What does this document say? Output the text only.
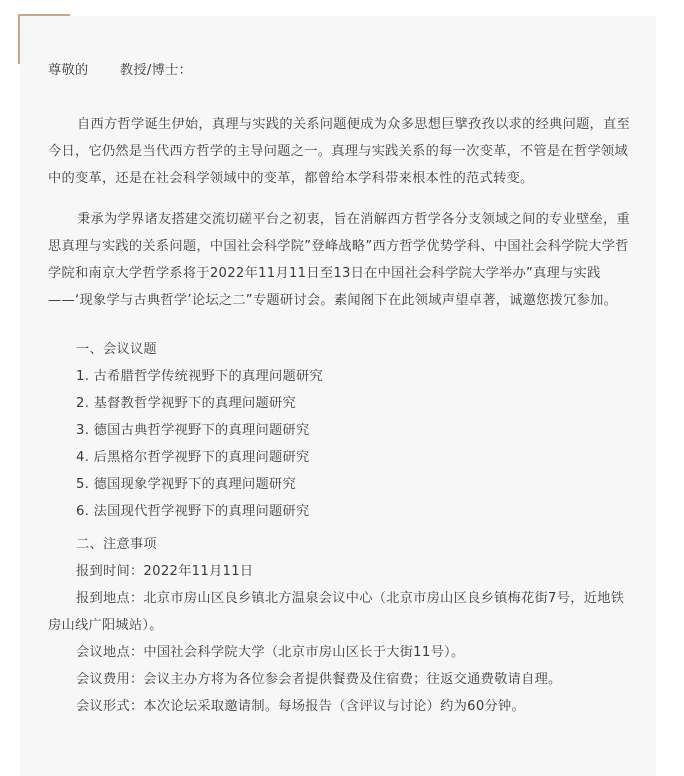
尊敬的　　 教授/博士：
自西方哲学诞生伊始，真理与实践的关系问题便成为众多思想巨擘孜孜以求的经典问题，直至今日，它仍然是当代西方哲学的主导问题之一。真理与实践关系的每一次变革，不管是在哲学领域中的变革，还是在社会科学领域中的变革，都曾给本学科带来根本性的范式转变。
秉承为学界诸友搭建交流切磋平台之初衷，旨在消解西方哲学各分支领域之间的专业壁垒，重思真理与实践的关系问题，中国社会科学院”登峰战略”西方哲学优势学科、中国社会科学院大学哲学院和南京大学哲学系将于2022年11月11日至13日在中国社会科学院大学举办”真理与实践——‘现象学与古典哲学’论坛之二”专题研讨会。素闻阁下在此领域声望卓著，诚邀您拨冗参加。
一、会议议题
1. 古希腊哲学传统视野下的真理问题研究
2. 基督教哲学视野下的真理问题研究
3. 德国古典哲学视野下的真理问题研究
4. 后黑格尔哲学视野下的真理问题研究
5. 德国现象学视野下的真理问题研究
6. 法国现代哲学视野下的真理问题研究
二、注意事项
报到时间：2022年11月11日
报到地点：北京市房山区良乡镇北方温泉会议中心（北京市房山区良乡镇梅花街7号，近地铁房山线广阳城站）。
会议地点：中国社会科学院大学（北京市房山区长于大街11号）。
会议费用：会议主办方将为各位参会者提供餐费及住宿费；往返交通费敬请自理。
会议形式：本次论坛采取邀请制。每场报告（含评议与讨论）约为60分钟。
